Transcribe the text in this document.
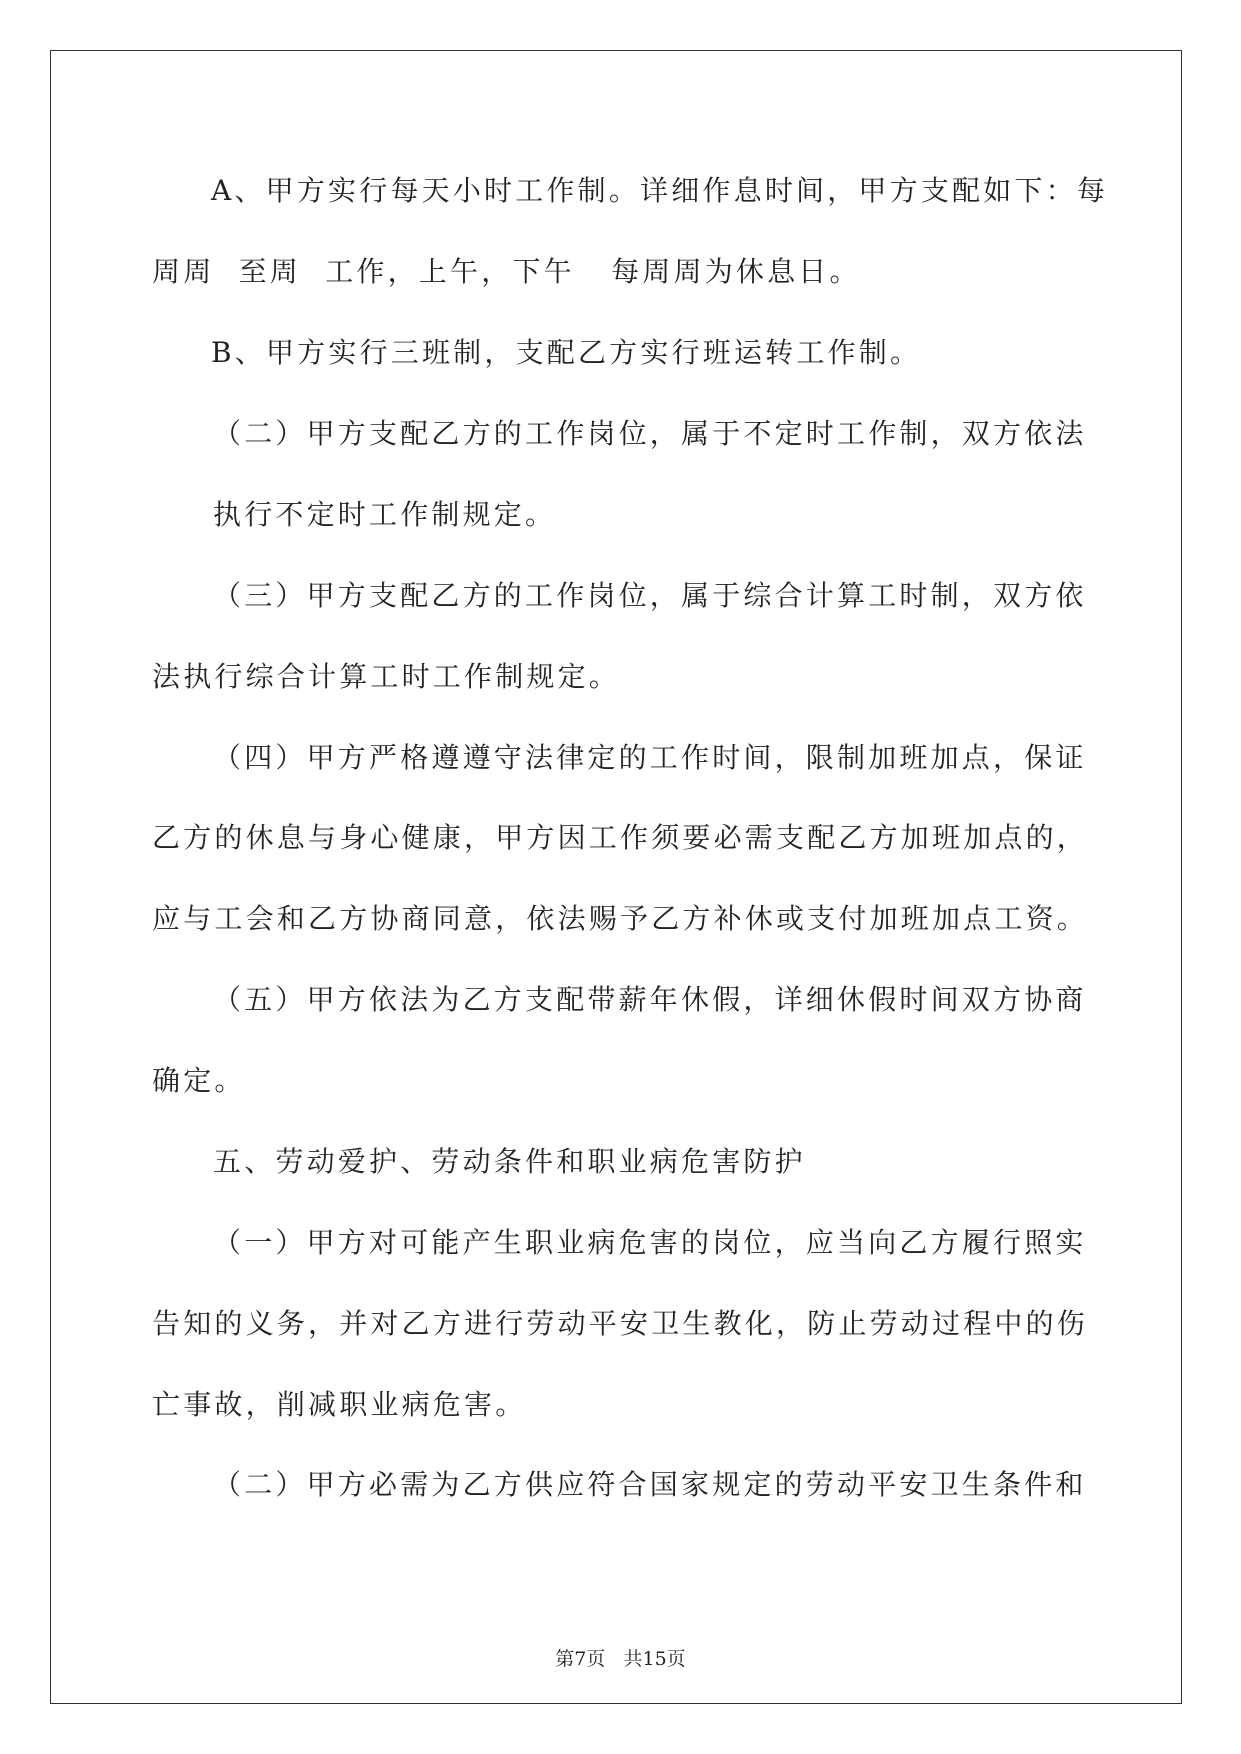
A、甲方实行每天小时工作制。详细作息时间，甲方支配如下：每
周周  至周  工作，上午，下午   每周周为休息日。
B、甲方实行三班制，支配乙方实行班运转工作制。
（二）甲方支配乙方的工作岗位，属于不定时工作制，双方依法
执行不定时工作制规定。
（三）甲方支配乙方的工作岗位，属于综合计算工时制，双方依
法执行综合计算工时工作制规定。
（四）甲方严格遵遵守法律定的工作时间，限制加班加点，保证
乙方的休息与身心健康，甲方因工作须要必需支配乙方加班加点的，
应与工会和乙方协商同意，依法赐予乙方补休或支付加班加点工资。
（五）甲方依法为乙方支配带薪年休假，详细休假时间双方协商
确定。
五、劳动爱护、劳动条件和职业病危害防护
（一）甲方对可能产生职业病危害的岗位，应当向乙方履行照实
告知的义务，并对乙方进行劳动平安卫生教化，防止劳动过程中的伤
亡事故，削减职业病危害。
（二）甲方必需为乙方供应符合国家规定的劳动平安卫生条件和
第7页   共15页
